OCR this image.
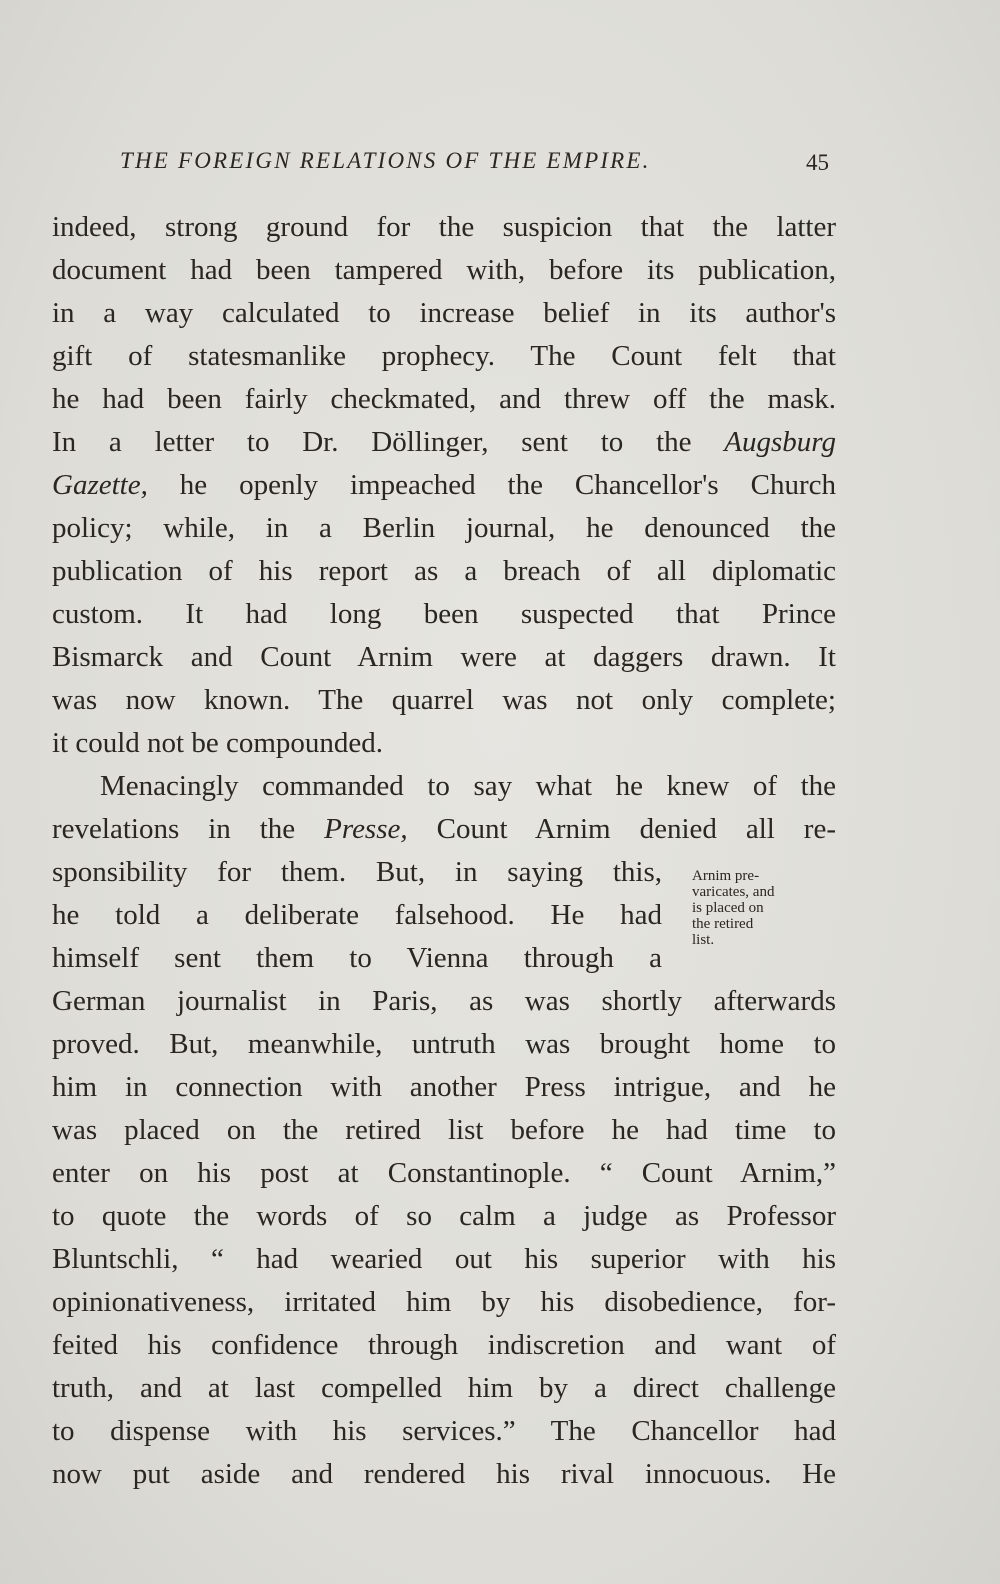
THE FOREIGN RELATIONS OF THE EMPIRE.	45
indeed, strong ground for the suspicion that the latter
document had been tampered with, before its publication,
in a way calculated to increase belief in its author's
gift of statesmanlike prophecy. The Count felt that
he had been fairly checkmated, and threw off the mask.
In a letter to Dr. Döllinger, sent to the Augsburg
Gazette, he openly impeached the Chancellor's Church
policy; while, in a Berlin journal, he denounced the
publication of his report as a breach of all diplomatic
custom. It had long been suspected that Prince
Bismarck and Count Arnim were at daggers drawn. It
was now known. The quarrel was not only complete;
it could not be compounded.
Menacingly commanded to say what he knew of the
revelations in the Presse, Count Arnim denied all re-
sponsibility for them. But, in saying this,
he told a deliberate falsehood. He had
himself sent them to Vienna through a
German journalist in Paris, as was shortly afterwards
proved. But, meanwhile, untruth was brought home to
him in connection with another Press intrigue, and he
was placed on the retired list before he had time to
enter on his post at Constantinople. “ Count Arnim,”
to quote the words of so calm a judge as Professor
Bluntschli, “ had wearied out his superior with his
opinionativeness, irritated him by his disobedience, for-
feited his confidence through indiscretion and want of
truth, and at last compelled him by a direct challenge
to dispense with his services.” The Chancellor had
now put aside and rendered his rival innocuous. He
Arnim pre-
varicates, and
is placed on
the retired
list.
